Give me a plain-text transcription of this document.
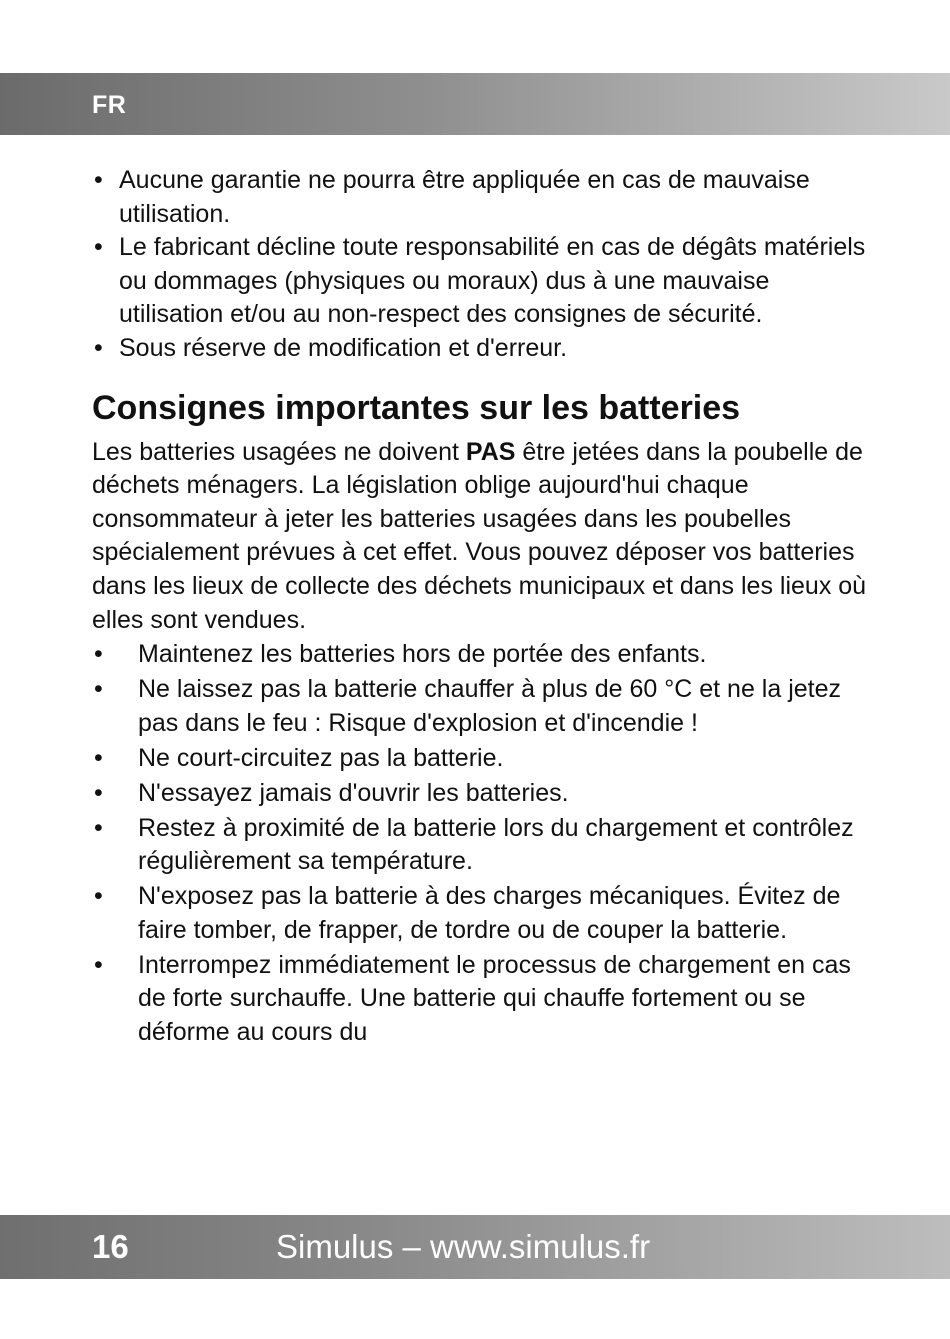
FR
• Aucune garantie ne pourra être appliquée en cas de mauvaise utilisation.
• Le fabricant décline toute responsabilité en cas de dégâts matériels ou dommages (physiques ou moraux) dus à une mauvaise utilisation et/ou au non-respect des consignes de sécurité.
• Sous réserve de modification et d'erreur.
Consignes importantes sur les batteries

Les batteries usagées ne doivent PAS être jetées dans la poubelle de déchets ménagers. La législation oblige aujourd'hui chaque consommateur à jeter les batteries usagées dans les poubelles spécialement prévues à cet effet. Vous pouvez déposer vos batteries dans les lieux de collecte des déchets municipaux et dans les lieux où elles sont vendues.

• Maintenez les batteries hors de portée des enfants.
• Ne laissez pas la batterie chauffer à plus de 60 °C et ne la jetez pas dans le feu : Risque d'explosion et d'incendie !
• Ne court-circuitez pas la batterie.
• N'essayez jamais d'ouvrir les batteries.
• Restez à proximité de la batterie lors du chargement et contrôlez régulièrement sa température.
• N'exposez pas la batterie à des charges mécaniques. Évitez de faire tomber, de frapper, de tordre ou de couper la batterie.
• Interrompez immédiatement le processus de chargement en cas de forte surchauffe. Une batterie qui chauffe fortement ou se déforme au cours du
16	Simulus – www.simulus.fr
